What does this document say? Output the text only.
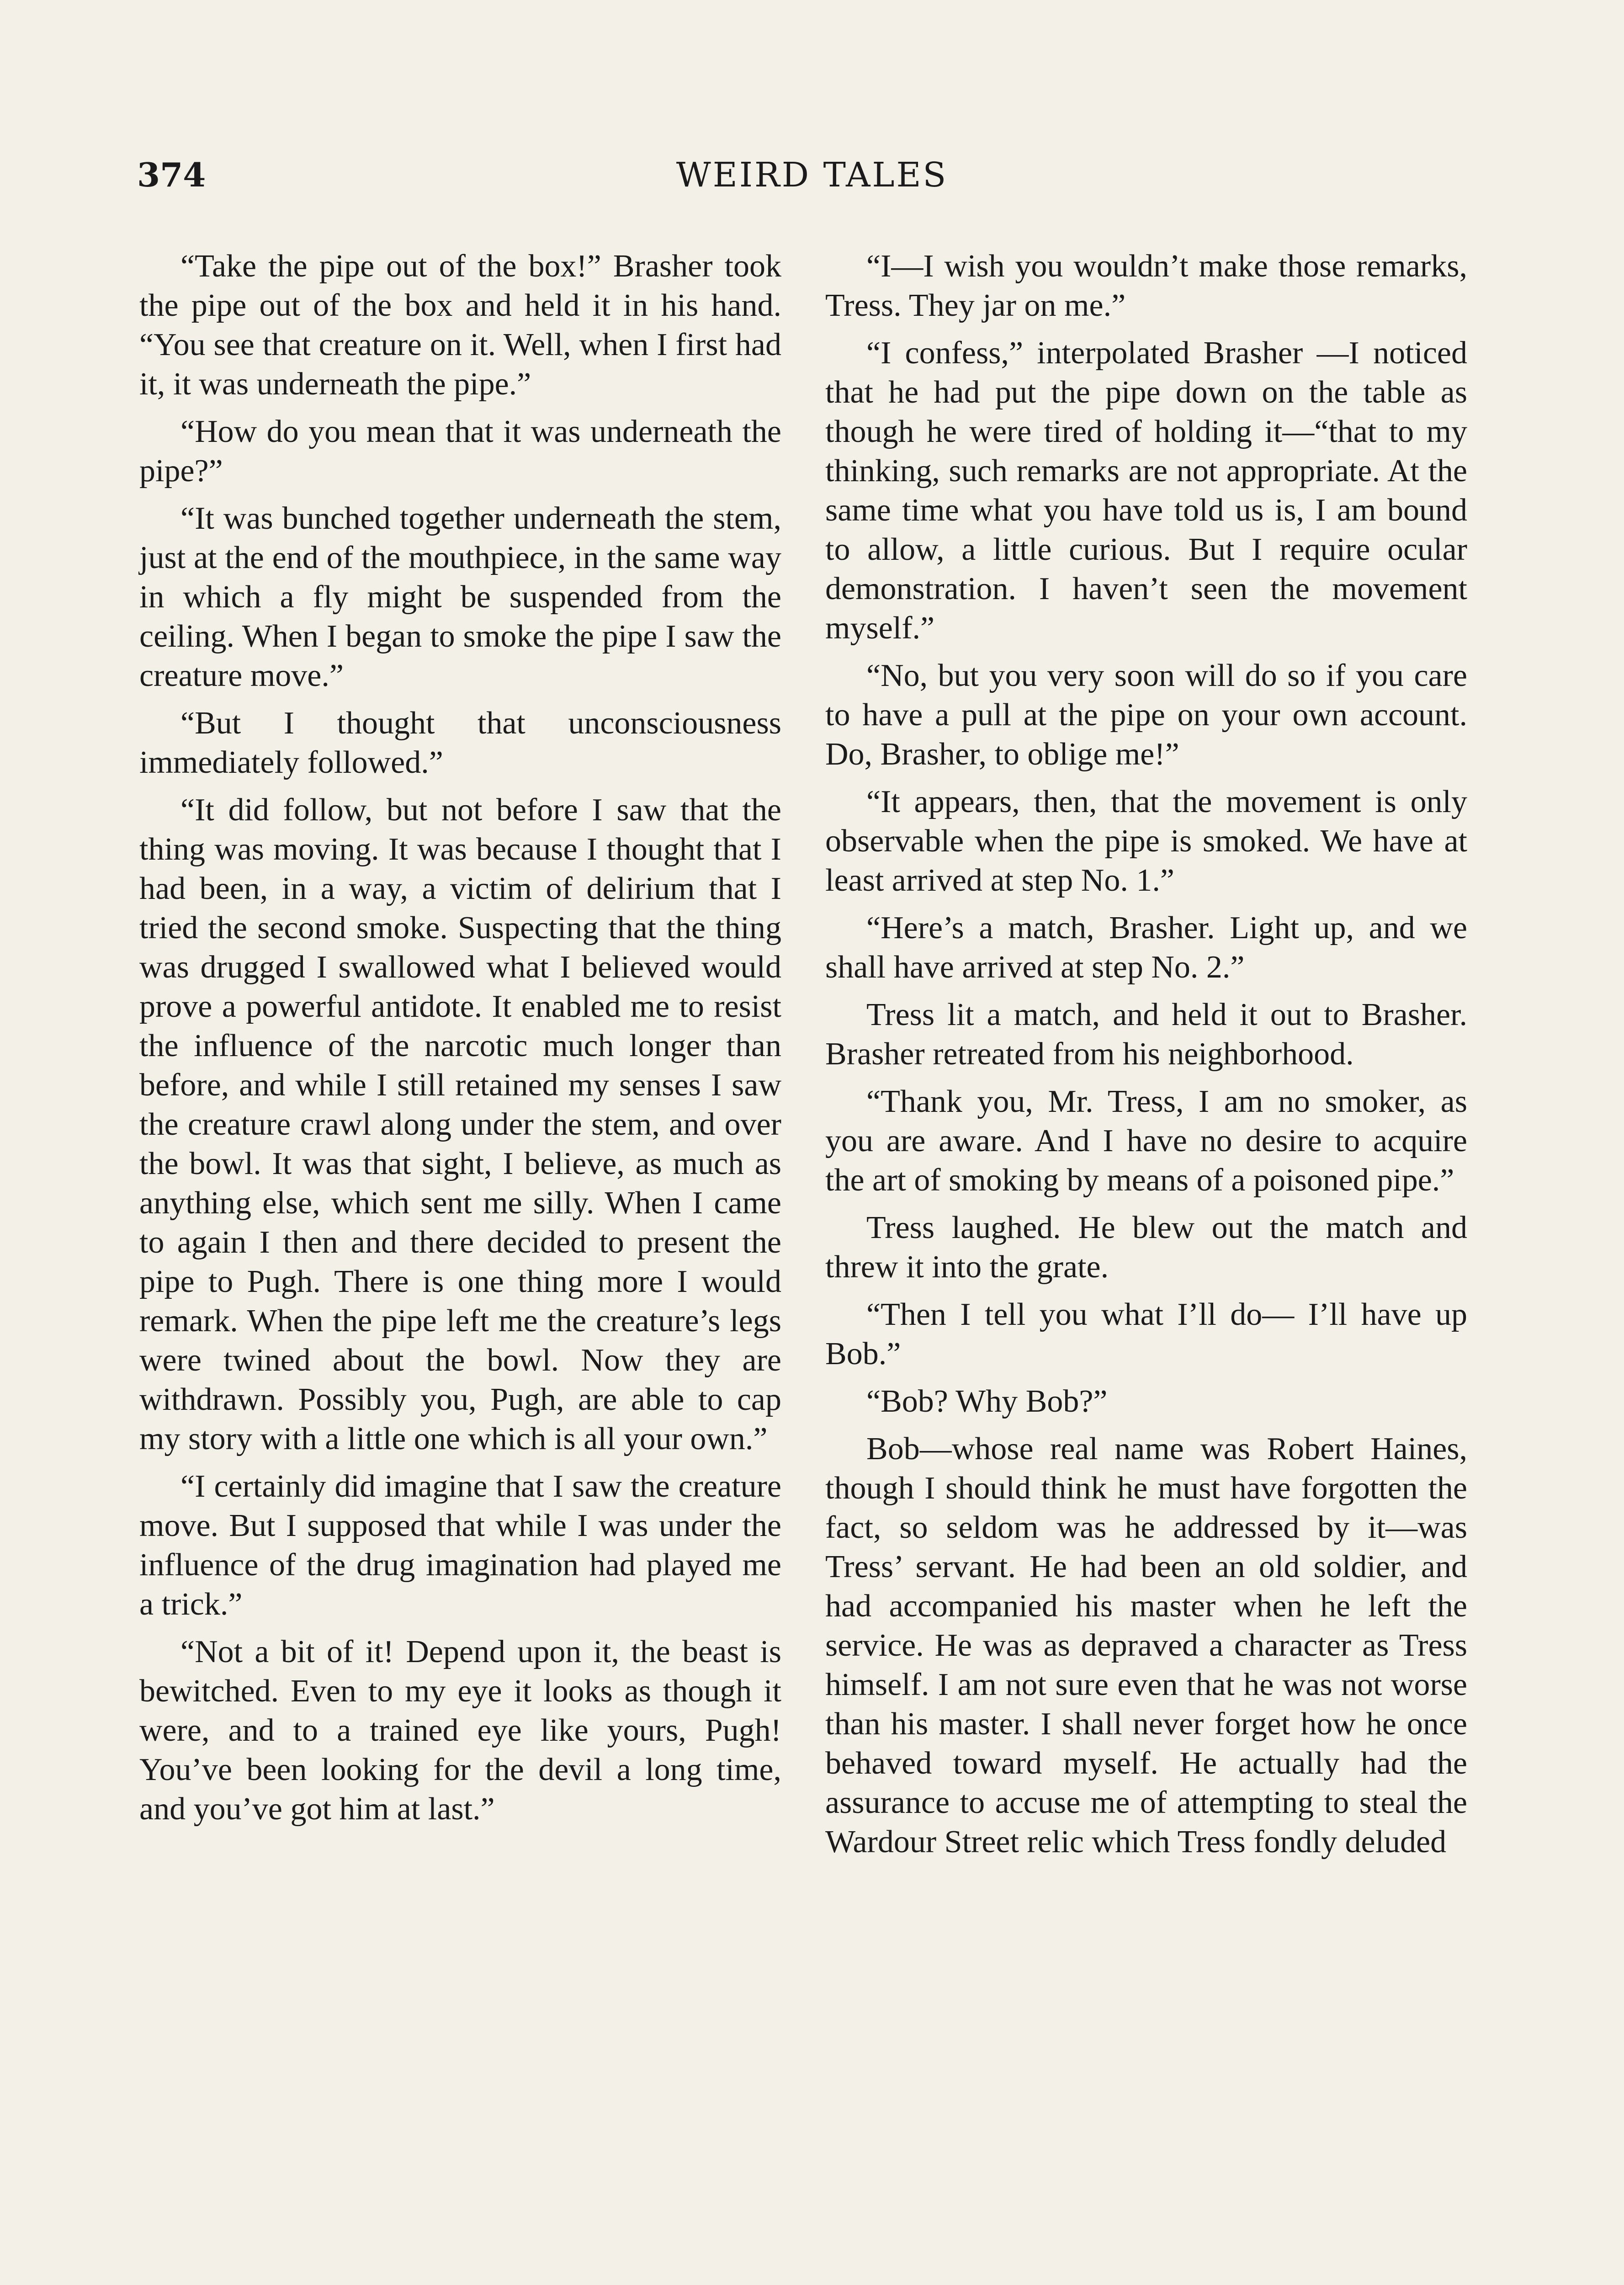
374	WEIRD TALES

“Take the pipe out of the box!” Brasher took the pipe out of the box and held it in his hand. “You see that creature on it. Well, when I first had it, it was underneath the pipe.”

“How do you mean that it was underneath the pipe?”

“It was bunched together underneath the stem, just at the end of the mouthpiece, in the same way in which a fly might be suspended from the ceiling. When I began to smoke the pipe I saw the creature move.”

“But I thought that unconsciousness immediately followed.”

“It did follow, but not before I saw that the thing was moving. It was because I thought that I had been, in a way, a victim of delirium that I tried the second smoke. Suspecting that the thing was drugged I swallowed what I believed would prove a powerful antidote. It enabled me to resist the influence of the narcotic much longer than before, and while I still retained my senses I saw the creature crawl along under the stem, and over the bowl. It was that sight, I believe, as much as anything else, which sent me silly. When I came to again I then and there decided to present the pipe to Pugh. There is one thing more I would remark. When the pipe left me the creature’s legs were twined about the bowl. Now they are withdrawn. Possibly you, Pugh, are able to cap my story with a little one which is all your own.”

“I certainly did imagine that I saw the creature move. But I supposed that while I was under the influence of the drug imagination had played me a trick.”

“Not a bit of it! Depend upon it, the beast is bewitched. Even to my eye it looks as though it were, and to a trained eye like yours, Pugh! You’ve been looking for the devil a long time, and you’ve got him at last.”

“I—I wish you wouldn’t make those remarks, Tress. They jar on me.”

“I confess,” interpolated Brasher —I noticed that he had put the pipe down on the table as though he were tired of holding it—“that to my thinking, such remarks are not appropriate. At the same time what you have told us is, I am bound to allow, a little curious. But I require ocular demonstration. I haven’t seen the movement myself.”

“No, but you very soon will do so if you care to have a pull at the pipe on your own account. Do, Brasher, to oblige me!”

“It appears, then, that the movement is only observable when the pipe is smoked. We have at least arrived at step No. 1.”

“Here’s a match, Brasher. Light up, and we shall have arrived at step No. 2.”

Tress lit a match, and held it out to Brasher. Brasher retreated from his neighborhood.

“Thank you, Mr. Tress, I am no smoker, as you are aware. And I have no desire to acquire the art of smoking by means of a poisoned pipe.”

Tress laughed. He blew out the match and threw it into the grate.

“Then I tell you what I’ll do— I’ll have up Bob.”

“Bob? Why Bob?”

Bob—whose real name was Robert Haines, though I should think he must have forgotten the fact, so seldom was he addressed by it—was Tress’ servant. He had been an old soldier, and had accompanied his master when he left the service. He was as depraved a character as Tress himself. I am not sure even that he was not worse than his master. I shall never forget how he once behaved toward myself. He actually had the assurance to accuse me of attempting to steal the Wardour Street relic which Tress fondly deluded
